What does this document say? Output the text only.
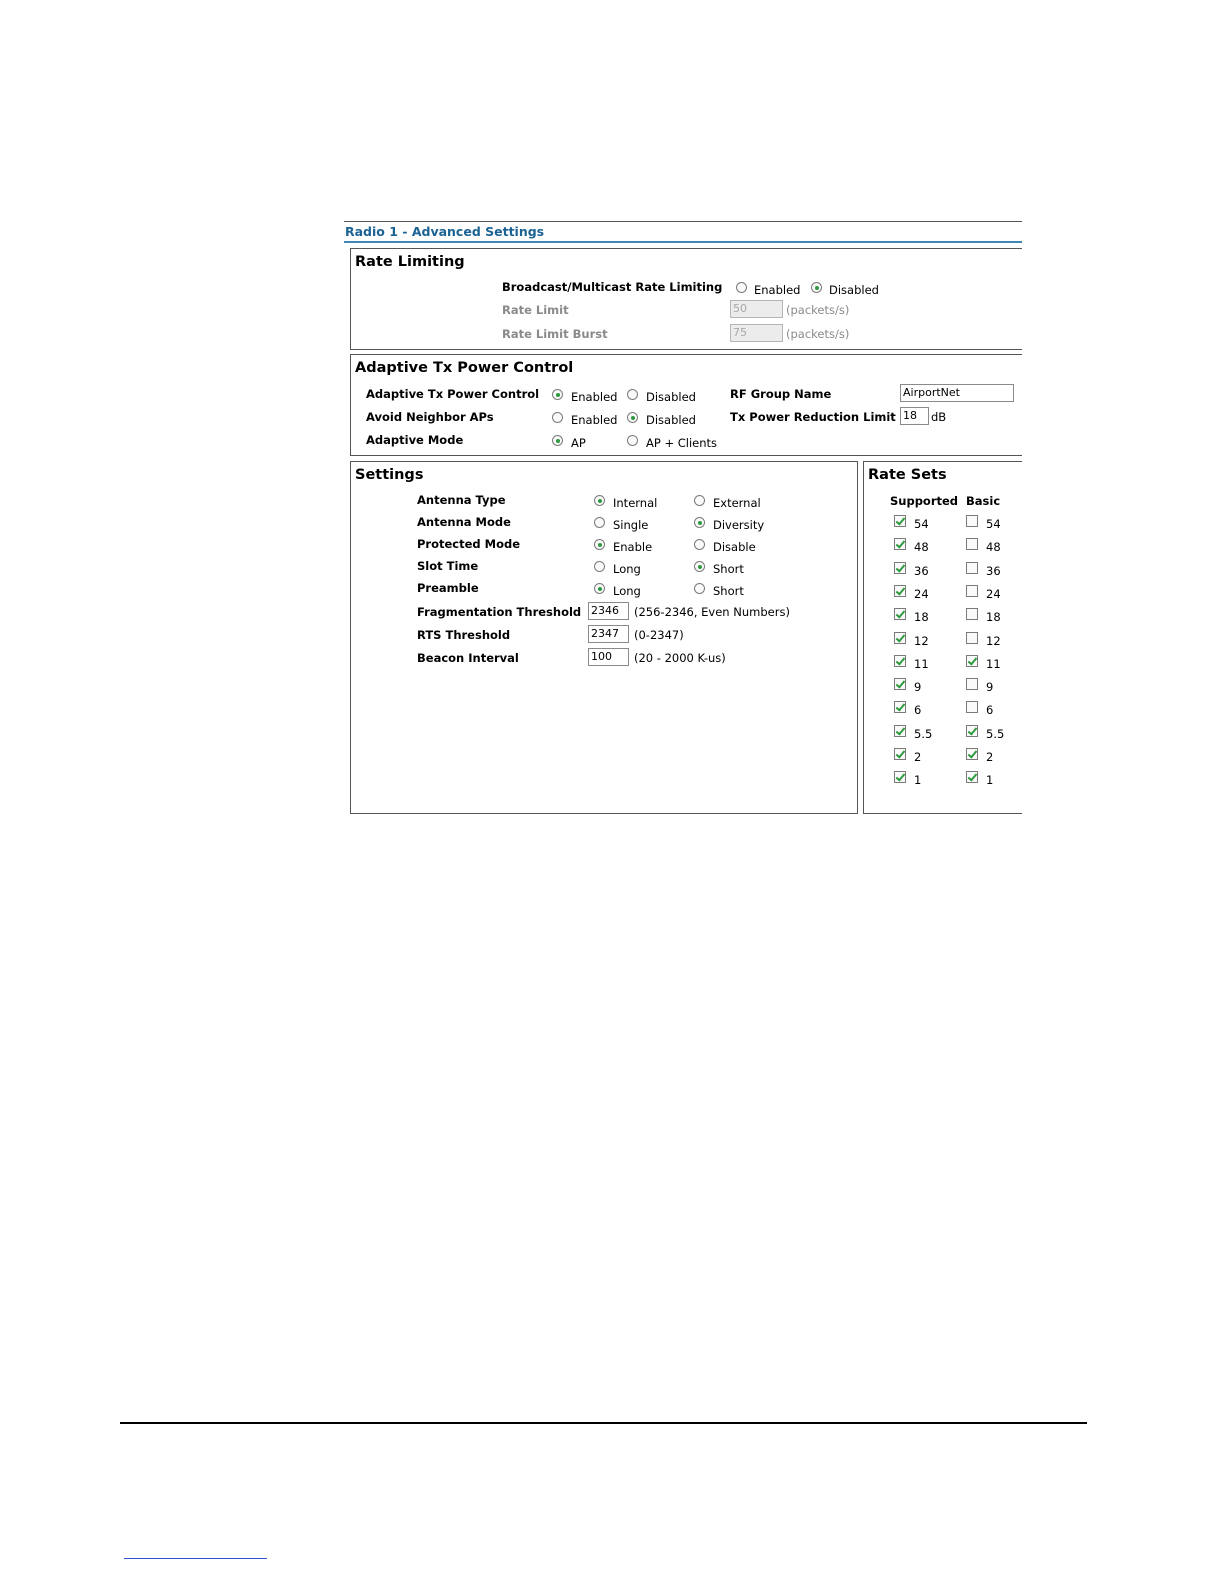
Radio 1 - Advanced Settings
Rate Limiting
Broadcast/Multicast Rate Limiting	Enabled Disabled
Rate Limit	50	(packets/s)
Rate Limit Burst	75	(packets/s)
Adaptive Tx Power Control
Adaptive Tx Power Control	Enabled Disabled
Avoid Neighbor APs	Enabled Disabled
Adaptive Mode	AP	AP + Clients
RF Group Name	AirportNet
Tx Power Reduction Limit 18	dB
Settings
Antenna Type	Internal	External
Antenna Mode	Single	Diversity
Protected Mode	Enable	Disable
Slot Time	Long	Short
Preamble	Long	Short
Fragmentation Threshold 2346	(256-2346, Even Numbers)
RTS Threshold	2347	(0-2347)
Beacon Interval	100	(20 - 2000 K-us)
Rate Sets
Supported Basic
54	54
48	48
36	36
24	24
18	18
12	12
11	11
9	9
6	6
5.5	5.5
2	2
1	1
